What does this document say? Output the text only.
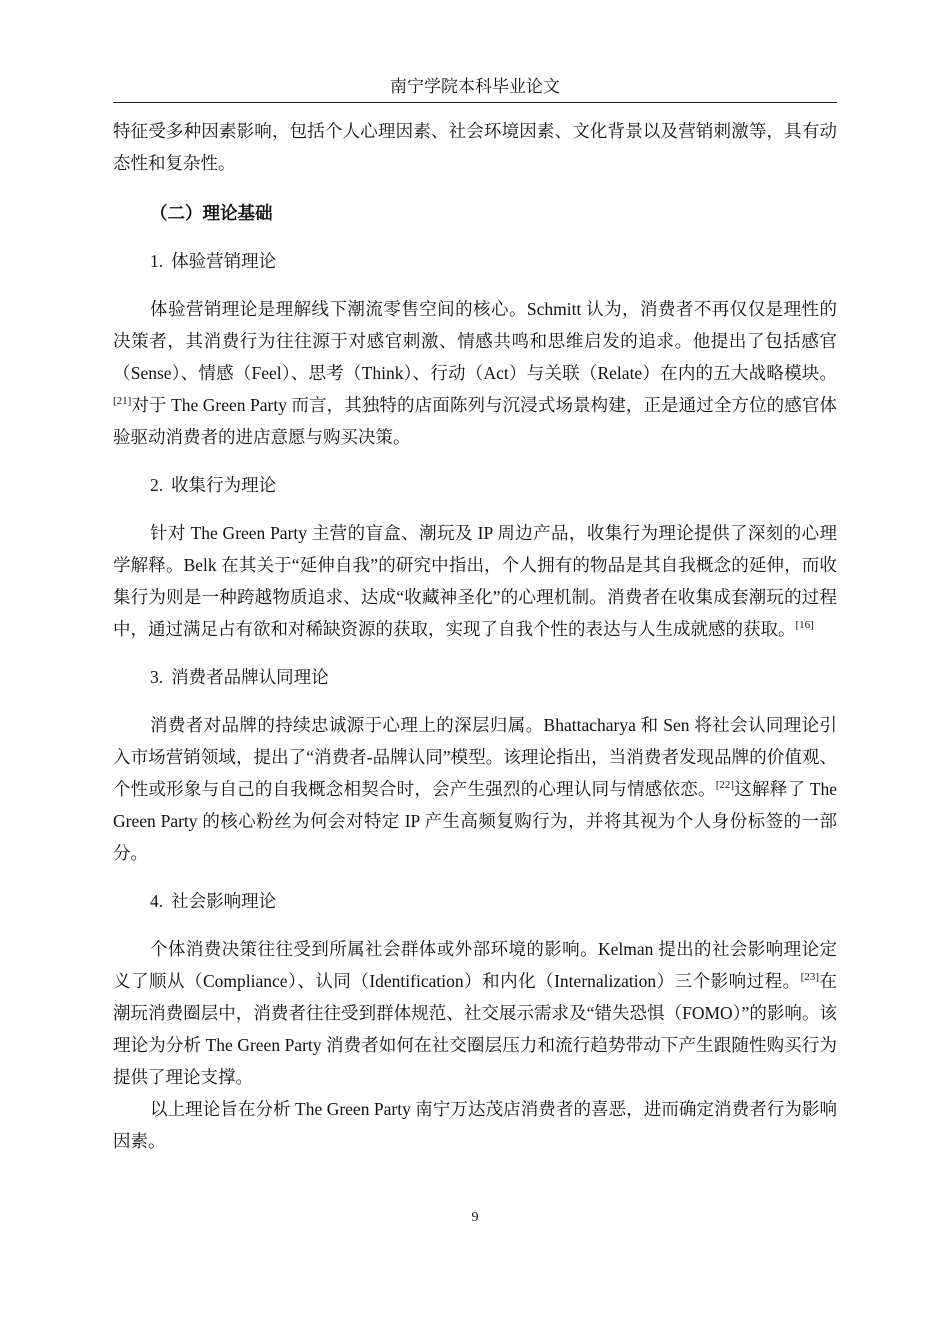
南宁学院本科毕业论文

特征受多种因素影响，包括个人心理因素、社会环境因素、文化背景以及营销刺激等，具有动态性和复杂性。

（二）理论基础
1. 体验营销理论

体验营销理论是理解线下潮流零售空间的核心。Schmitt 认为，消费者不再仅仅是理性的决策者，其消费行为往往源于对感官刺激、情感共鸣和思维启发的追求。他提出了包括感官（Sense）、情感（Feel）、思考（Think）、行动（Act）与关联（Relate）在内的五大战略模块。[21]对于 The Green Party 而言，其独特的店面陈列与沉浸式场景构建，正是通过全方位的感官体验驱动消费者的进店意愿与购买决策。

2. 收集行为理论

针对 The Green Party 主营的盲盒、潮玩及 IP 周边产品，收集行为理论提供了深刻的心理学解释。Belk 在其关于“延伸自我”的研究中指出，个人拥有的物品是其自我概念的延伸，而收集行为则是一种跨越物质追求、达成“收藏神圣化”的心理机制。消费者在收集成套潮玩的过程中，通过满足占有欲和对稀缺资源的获取，实现了自我个性的表达与人生成就感的获取。[16]

3. 消费者品牌认同理论

消费者对品牌的持续忠诚源于心理上的深层归属。Bhattacharya 和 Sen 将社会认同理论引入市场营销领域，提出了“消费者-品牌认同”模型。该理论指出，当消费者发现品牌的价值观、个性或形象与自己的自我概念相契合时，会产生强烈的心理认同与情感依恋。[22]这解释了 The Green Party 的核心粉丝为何会对特定 IP 产生高频复购行为，并将其视为个人身份标签的一部分。

4. 社会影响理论

个体消费决策往往受到所属社会群体或外部环境的影响。Kelman 提出的社会影响理论定义了顺从（Compliance）、认同（Identification）和内化（Internalization）三个影响过程。[23]在潮玩消费圈层中，消费者往往受到群体规范、社交展示需求及“错失恐惧（FOMO）”的影响。该理论为分析 The Green Party 消费者如何在社交圈层压力和流行趋势带动下产生跟随性购买行为提供了理论支撑。

以上理论旨在分析 The Green Party 南宁万达茂店消费者的喜恶，进而确定消费者行为影响因素。

9
